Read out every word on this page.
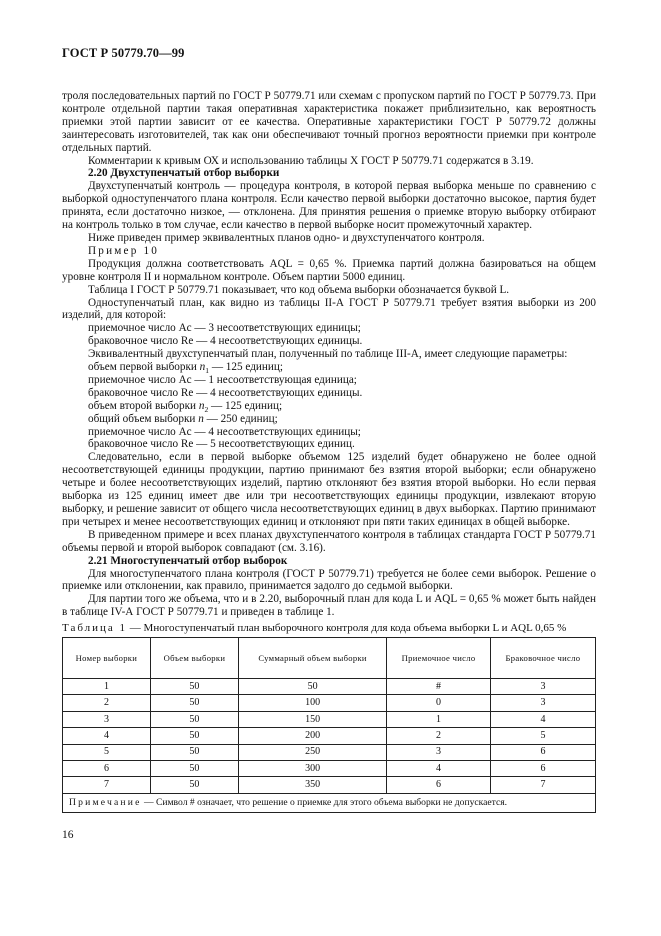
ГОСТ Р 50779.70—99

троля последовательных партий по ГОСТ Р 50779.71 или схемам с пропуском партий по ГОСТ Р 50779.73. При контроле отдельной партии такая оперативная характеристика покажет приблизительно, как вероятность приемки этой партии зависит от ее качества. Оперативные характеристики ГОСТ Р 50779.72 должны заинтересовать изготовителей, так как они обеспечивают точный прогноз вероятности приемки при контроле отдельных партий.

Комментарии к кривым ОХ и использованию таблицы X ГОСТ Р 50779.71 содержатся в 3.19.

2.20 Двухступенчатый отбор выборки

Двухступенчатый контроль — процедура контроля, в которой первая выборка меньше по сравнению с выборкой одноступенчатого плана контроля. Если качество первой выборки достаточно высокое, партия будет принята, если достаточно низкое, — отклонена. Для принятия решения о приемке вторую выборку отбирают на контроль только в том случае, если качество в первой выборке носит промежуточный характер.

Ниже приведен пример эквивалентных планов одно- и двухступенчатого контроля.

Пример 10

Продукция должна соответствовать AQL = 0,65 %. Приемка партий должна базироваться на общем уровне контроля II и нормальном контроле. Объем партии 5000 единиц.

Таблица I ГОСТ Р 50779.71 показывает, что код объема выборки обозначается буквой L.

Одноступенчатый план, как видно из таблицы II-А ГОСТ Р 50779.71 требует взятия выборки из 200 изделий, для которой:

приемочное число Ac — 3 несоответствующих единицы;

браковочное число Re — 4 несоответствующих единицы.

Эквивалентный двухступенчатый план, полученный по таблице III-А, имеет следующие параметры:

объем первой выборки $n_1$ — 125 единиц;

приемочное число Ac — 1 несоответствующая единица;

браковочное число Re — 4 несоответствующих единицы.

объем второй выборки $n_2$ — 125 единиц;

общий объем выборки n — 250 единиц;

приемочное число Ac — 4 несоответствующих единицы;

браковочное число Re — 5 несоответствующих единиц.

Следовательно, если в первой выборке объемом 125 изделий будет обнаружено не более одной несоответствующей единицы продукции, партию принимают без взятия второй выборки; если обнаружено четыре и более несоответствующих изделий, партию отклоняют без взятия второй выборки. Но если первая выборка из 125 единиц имеет две или три несоответствующих единицы продукции, извлекают вторую выборку, и решение зависит от общего числа несоответствующих единиц в двух выборках. Партию принимают при четырех и менее несоответствующих единиц и отклоняют при пяти таких единицах в общей выборке.

В приведенном примере и всех планах двухступенчатого контроля в таблицах стандарта ГОСТ Р 50779.71 объемы первой и второй выборок совпадают (см. 3.16).

2.21 Многоступенчатый отбор выборок

Для многоступенчатого плана контроля (ГОСТ Р 50779.71) требуется не более семи выборок. Решение о приемке или отклонении, как правило, принимается задолго до седьмой выборки.

Для партии того же объема, что и в 2.20, выборочный план для кода L и AQL = 0,65 % может быть найден в таблице IV-А ГОСТ Р 50779.71 и приведен в таблице 1.

Таблица 1 — Многоступенчатый план выборочного контроля для кода объема выборки L и AQL 0,65 %

Номер выборки	Объем выборки	Суммарный объем выборки	Приемочное число	Браковочное число
1	50	50	#	3
2	50	100	0	3
3	50	150	1	4
4	50	200	2	5
5	50	250	3	6
6	50	300	4	6
7	50	350	6	7
Примечание — Символ # означает, что решение о приемке для этого объема выборки не допускается.				
16
